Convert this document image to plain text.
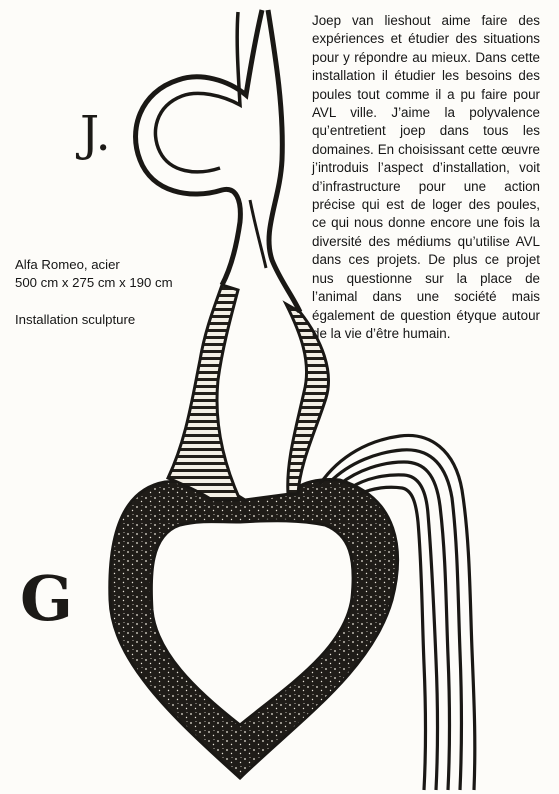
J.
G
Alfa Romeo, acier
500 cm x 275 cm x 190 cm
Installation sculpture
Joep van lieshout aime faire des expériences et étudier des situations pour y répondre au mieux. Dans cette installation il étudier les besoins des poules tout comme il a pu faire pour AVL ville. J’aime la polyvalence qu’entretient joep dans tous les domaines. En choisissant cette œuvre j’introduis l’aspect d’installation, voit d’infrastructure pour une action précise qui est de loger des poules, ce qui nous donne encore une fois la diversité des médiums qu’utilise AVL dans ces projets. De plus ce projet nus questionne sur la place de l’animal dans une société mais également de question étyque autour de la vie d’être humain.
